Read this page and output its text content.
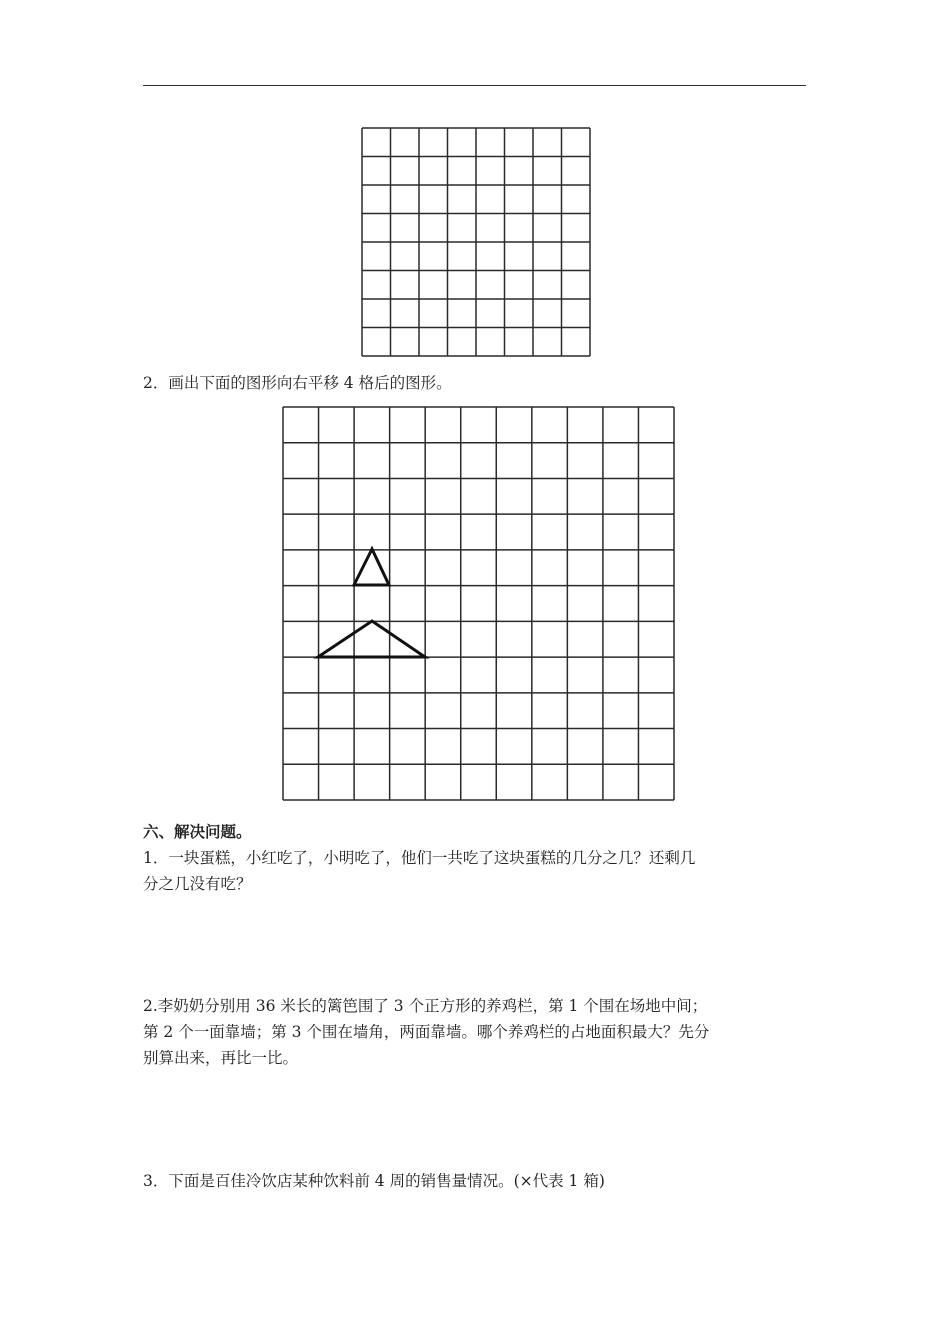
2．画出下面的图形向右平移 4 格后的图形。
六、解决问题。
1．一块蛋糕，小红吃了，小明吃了，他们一共吃了这块蛋糕的几分之几？还剩几
分之几没有吃？
2.李奶奶分别用 36 米长的篱笆围了 3 个正方形的养鸡栏，第 1 个围在场地中间；
第 2 个一面靠墙；第 3 个围在墙角，两面靠墙。哪个养鸡栏的占地面积最大？先分
别算出来，再比一比。
3．下面是百佳冷饮店某种饮料前 4 周的销售量情况。(×代表 1 箱)
